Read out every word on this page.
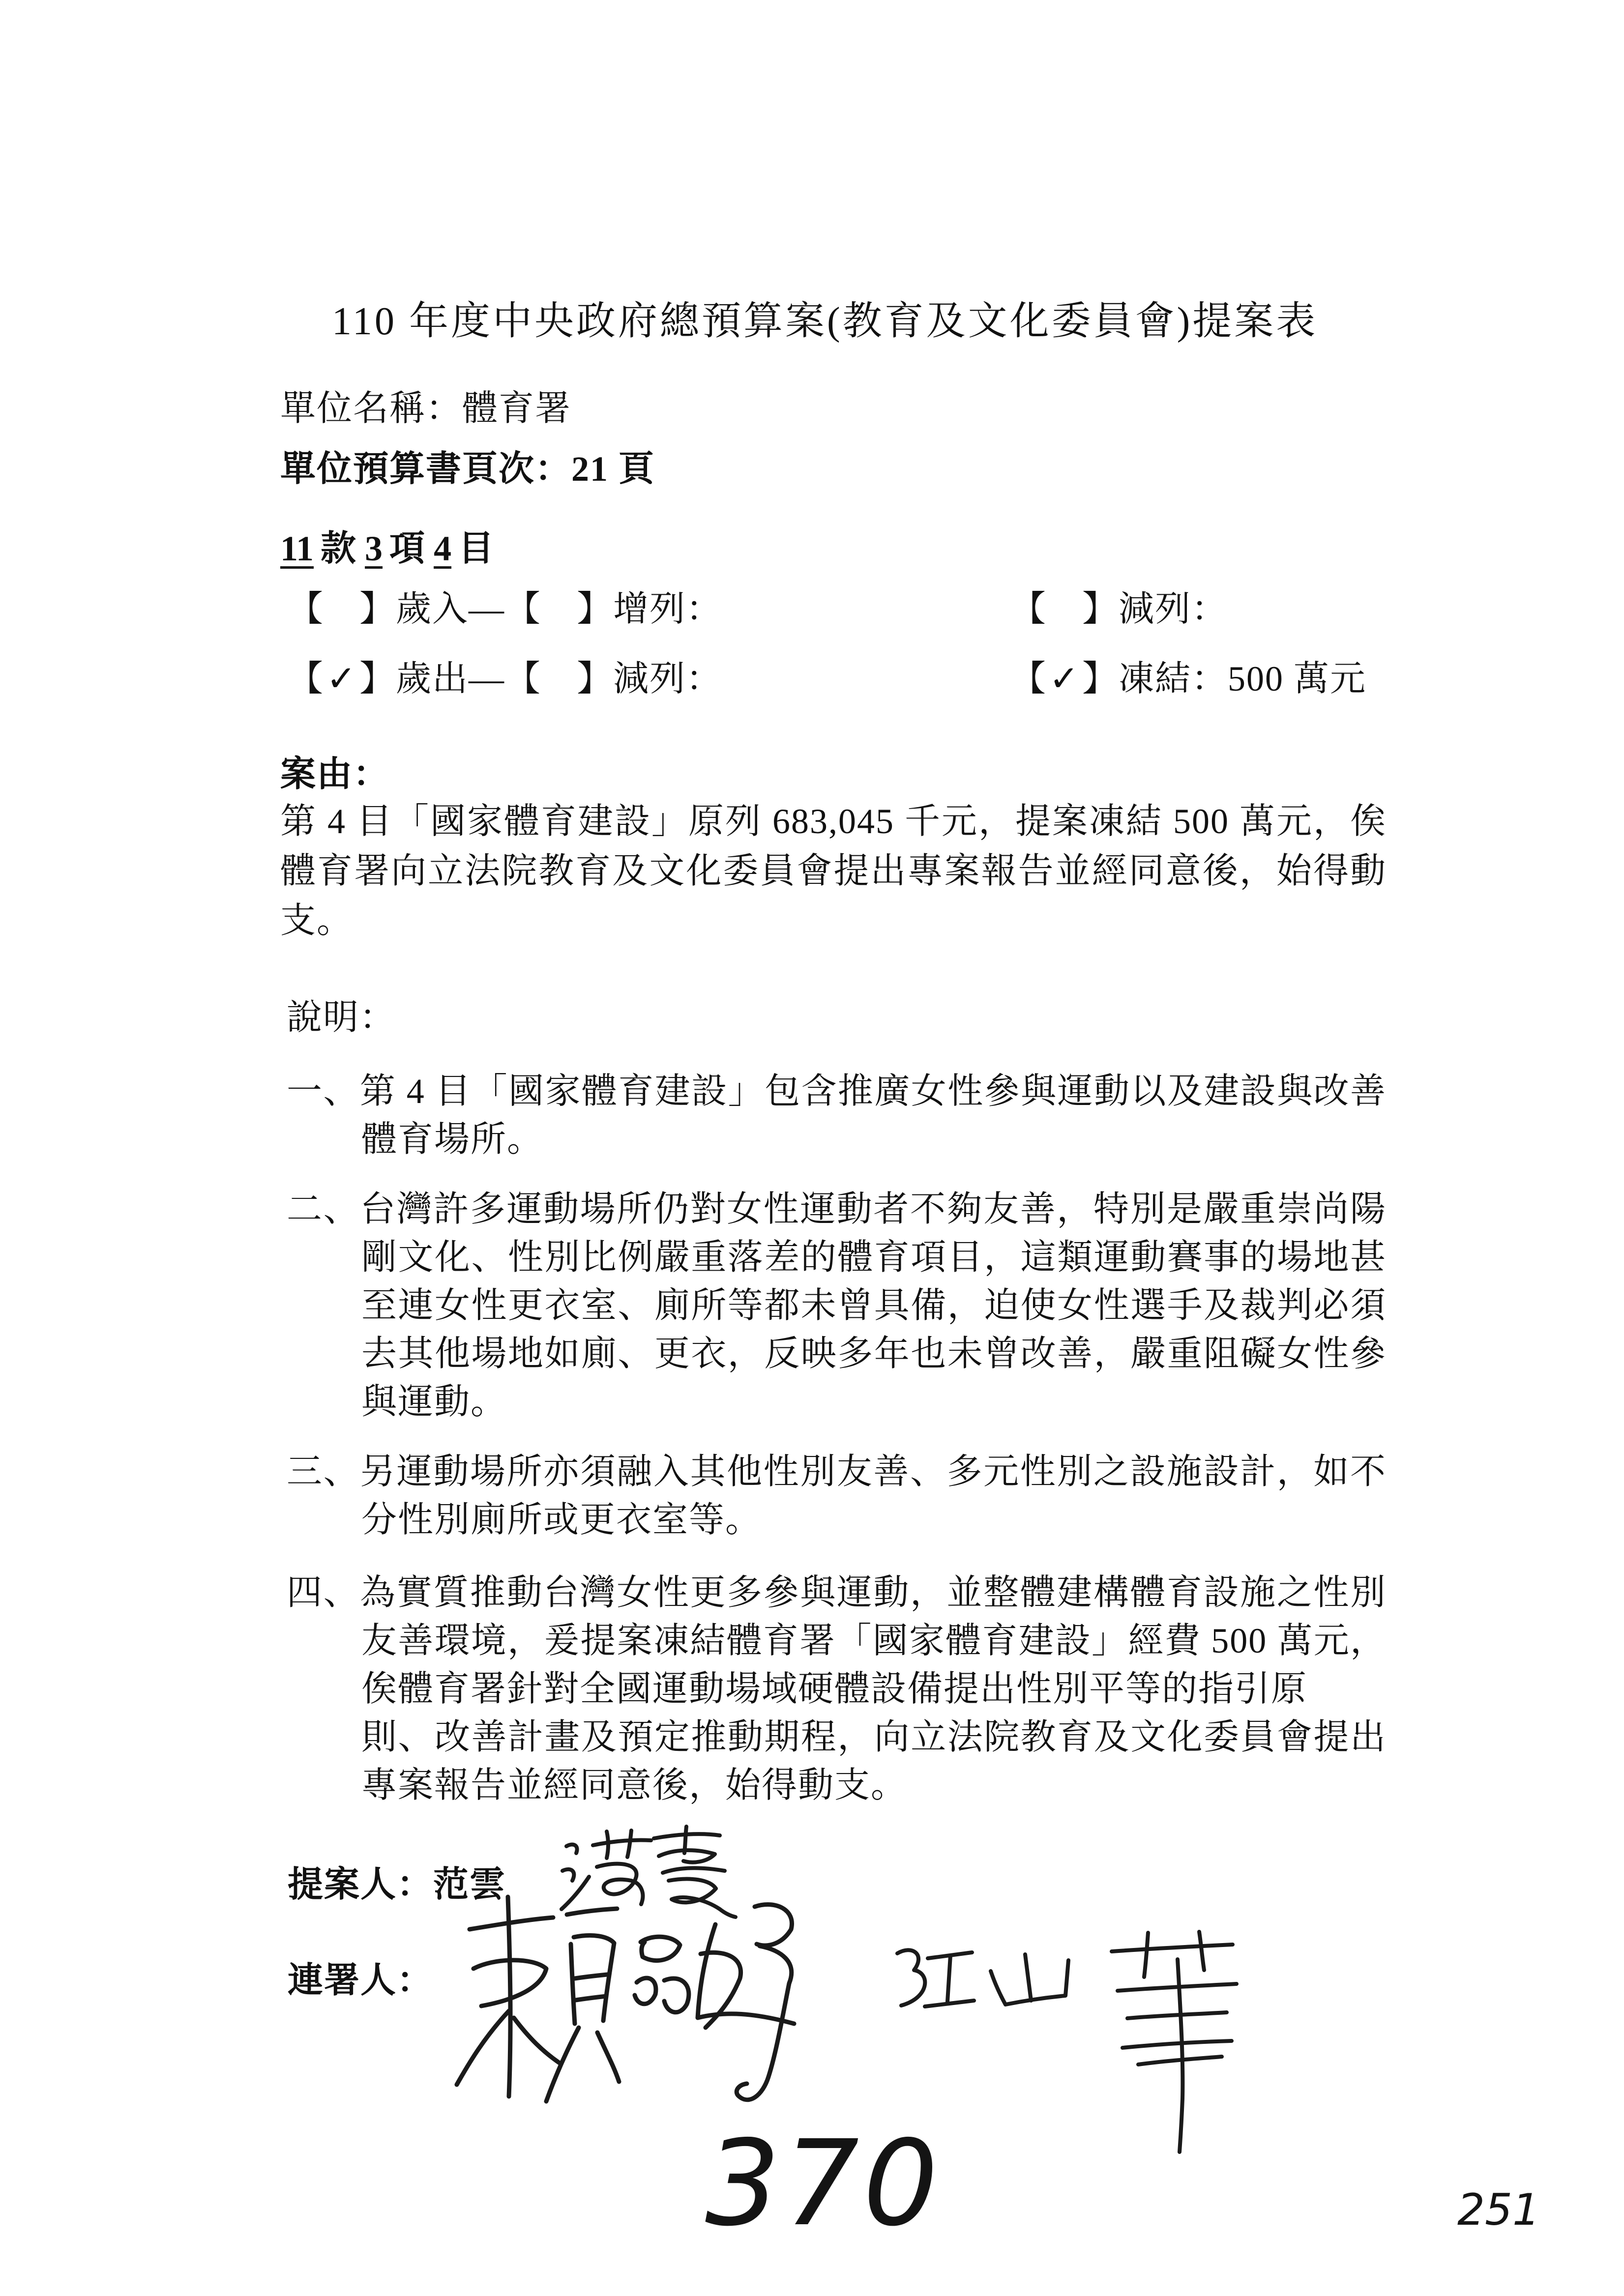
110 年度中央政府總預算案(教育及文化委員會)提案表
單位名稱：體育署
單位預算書頁次：21 頁
11 款 3 項 4 目
【 】歲入—【 】增列：	【 】減列：
【✓】歲出—【 】減列：	【✓】凍結：500 萬元
案由：
第 4 目「國家體育建設」原列 683,045 千元，提案凍結 500 萬元，俟
體育署向立法院教育及文化委員會提出專案報告並經同意後，始得動
支。
說明：
一、第 4 目「國家體育建設」包含推廣女性參與運動以及建設與改善
體育場所。
二、台灣許多運動場所仍對女性運動者不夠友善，特別是嚴重崇尚陽
剛文化、性別比例嚴重落差的體育項目，這類運動賽事的場地甚
至連女性更衣室、廁所等都未曾具備，迫使女性選手及裁判必須
去其他場地如廁、更衣，反映多年也未曾改善，嚴重阻礙女性參
與運動。
三、另運動場所亦須融入其他性別友善、多元性別之設施設計，如不
分性別廁所或更衣室等。
四、為實質推動台灣女性更多參與運動，並整體建構體育設施之性別
友善環境，爰提案凍結體育署「國家體育建設」經費 500 萬元，
俟體育署針對全國運動場域硬體設備提出性別平等的指引原
則、改善計畫及預定推動期程，向立法院教育及文化委員會提出
專案報告並經同意後，始得動支。
提案人：范雲
連署人：
370	251
